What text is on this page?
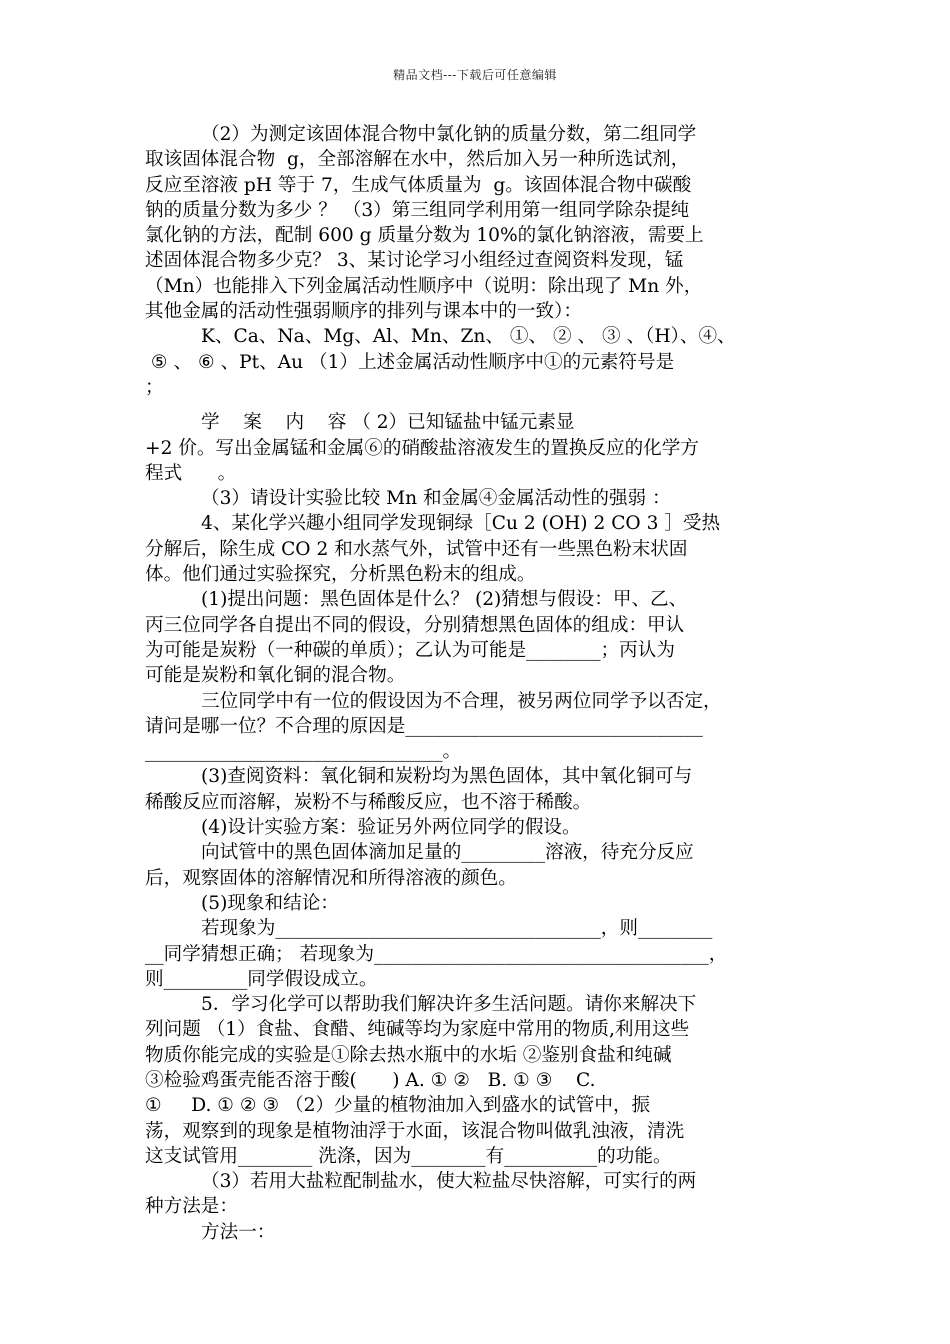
精品文档---下载后可任意编辑
（2）为测定该固体混合物中氯化钠的质量分数，第二组同学
取该固体混合物  g，全部溶解在水中，然后加入另一种所选试剂，
反应至溶液 pH 等于 7，生成气体质量为  g。该固体混合物中碳酸
钠的质量分数为多少 ？ （3）第三组同学利用第一组同学除杂提纯
氯化钠的方法，配制 600 g 质量分数为 10%的氯化钠溶液，需要上
述固体混合物多少克？ 3、某讨论学习小组经过查阅资料发现，锰
（Mn）也能排入下列金属活动性顺序中（说明：除出现了 Mn 外，
其他金属的活动性强弱顺序的排列与课本中的一致）：
K、Ca、Na、Mg、Al、Mn、Zn、 ①、 ② 、 ③ 、（H）、④、
⑤ 、 ⑥ 、Pt、Au （1）上述金属活动性顺序中①的元素符号是
；
学    案    内    容 （ 2）已知锰盐中锰元素显
+2 价。写出金属锰和金属⑥的硝酸盐溶液发生的置换反应的化学方
程式      。
（3）请设计实验比较 Mn 和金属④金属活动性的强弱 ：
4、某化学兴趣小组同学发现铜绿［Cu 2 (OH) 2 CO 3 ］受热
分解后，除生成 CO 2 和水蒸气外，试管中还有一些黑色粉末状固
体。他们通过实验探究，分析黑色粉末的组成。
(1)提出问题：黑色固体是什么？ (2)猜想与假设：甲、乙、
丙三位同学各自提出不同的假设，分别猜想黑色固体的组成：甲认
为可能是炭粉（一种碳的单质）；乙认为可能是________；丙认为
可能是炭粉和氧化铜的混合物。
三位同学中有一位的假设因为不合理，被另两位同学予以否定，
请问是哪一位？不合理的原因是________________________________
________________________________。
(3)查阅资料：氧化铜和炭粉均为黑色固体，其中氧化铜可与
稀酸反应而溶解，炭粉不与稀酸反应，也不溶于稀酸。
(4)设计实验方案：验证另外两位同学的假设。
向试管中的黑色固体滴加足量的_________溶液，待充分反应
后，观察固体的溶解情况和所得溶液的颜色。
(5)现象和结论：
若现象为___________________________________，则________
__同学猜想正确； 若现象为____________________________________，
则_________同学假设成立。
5．学习化学可以帮助我们解决许多生活问题。请你来解决下
列问题 （1）食盐、食醋、纯碱等均为家庭中常用的物质,利用这些
物质你能完成的实验是①除去热水瓶中的水垢 ②鉴别食盐和纯碱
③检验鸡蛋壳能否溶于酸(      ) A. ① ②   B. ① ③    C.
①     D. ① ② ③ （2）少量的植物油加入到盛水的试管中，振
荡，观察到的现象是植物油浮于水面，该混合物叫做乳浊液，清洗
这支试管用________ 洗涤，因为________有__________的功能。
（3）若用大盐粒配制盐水，使大粒盐尽快溶解，可实行的两
种方法是：
方法一：
